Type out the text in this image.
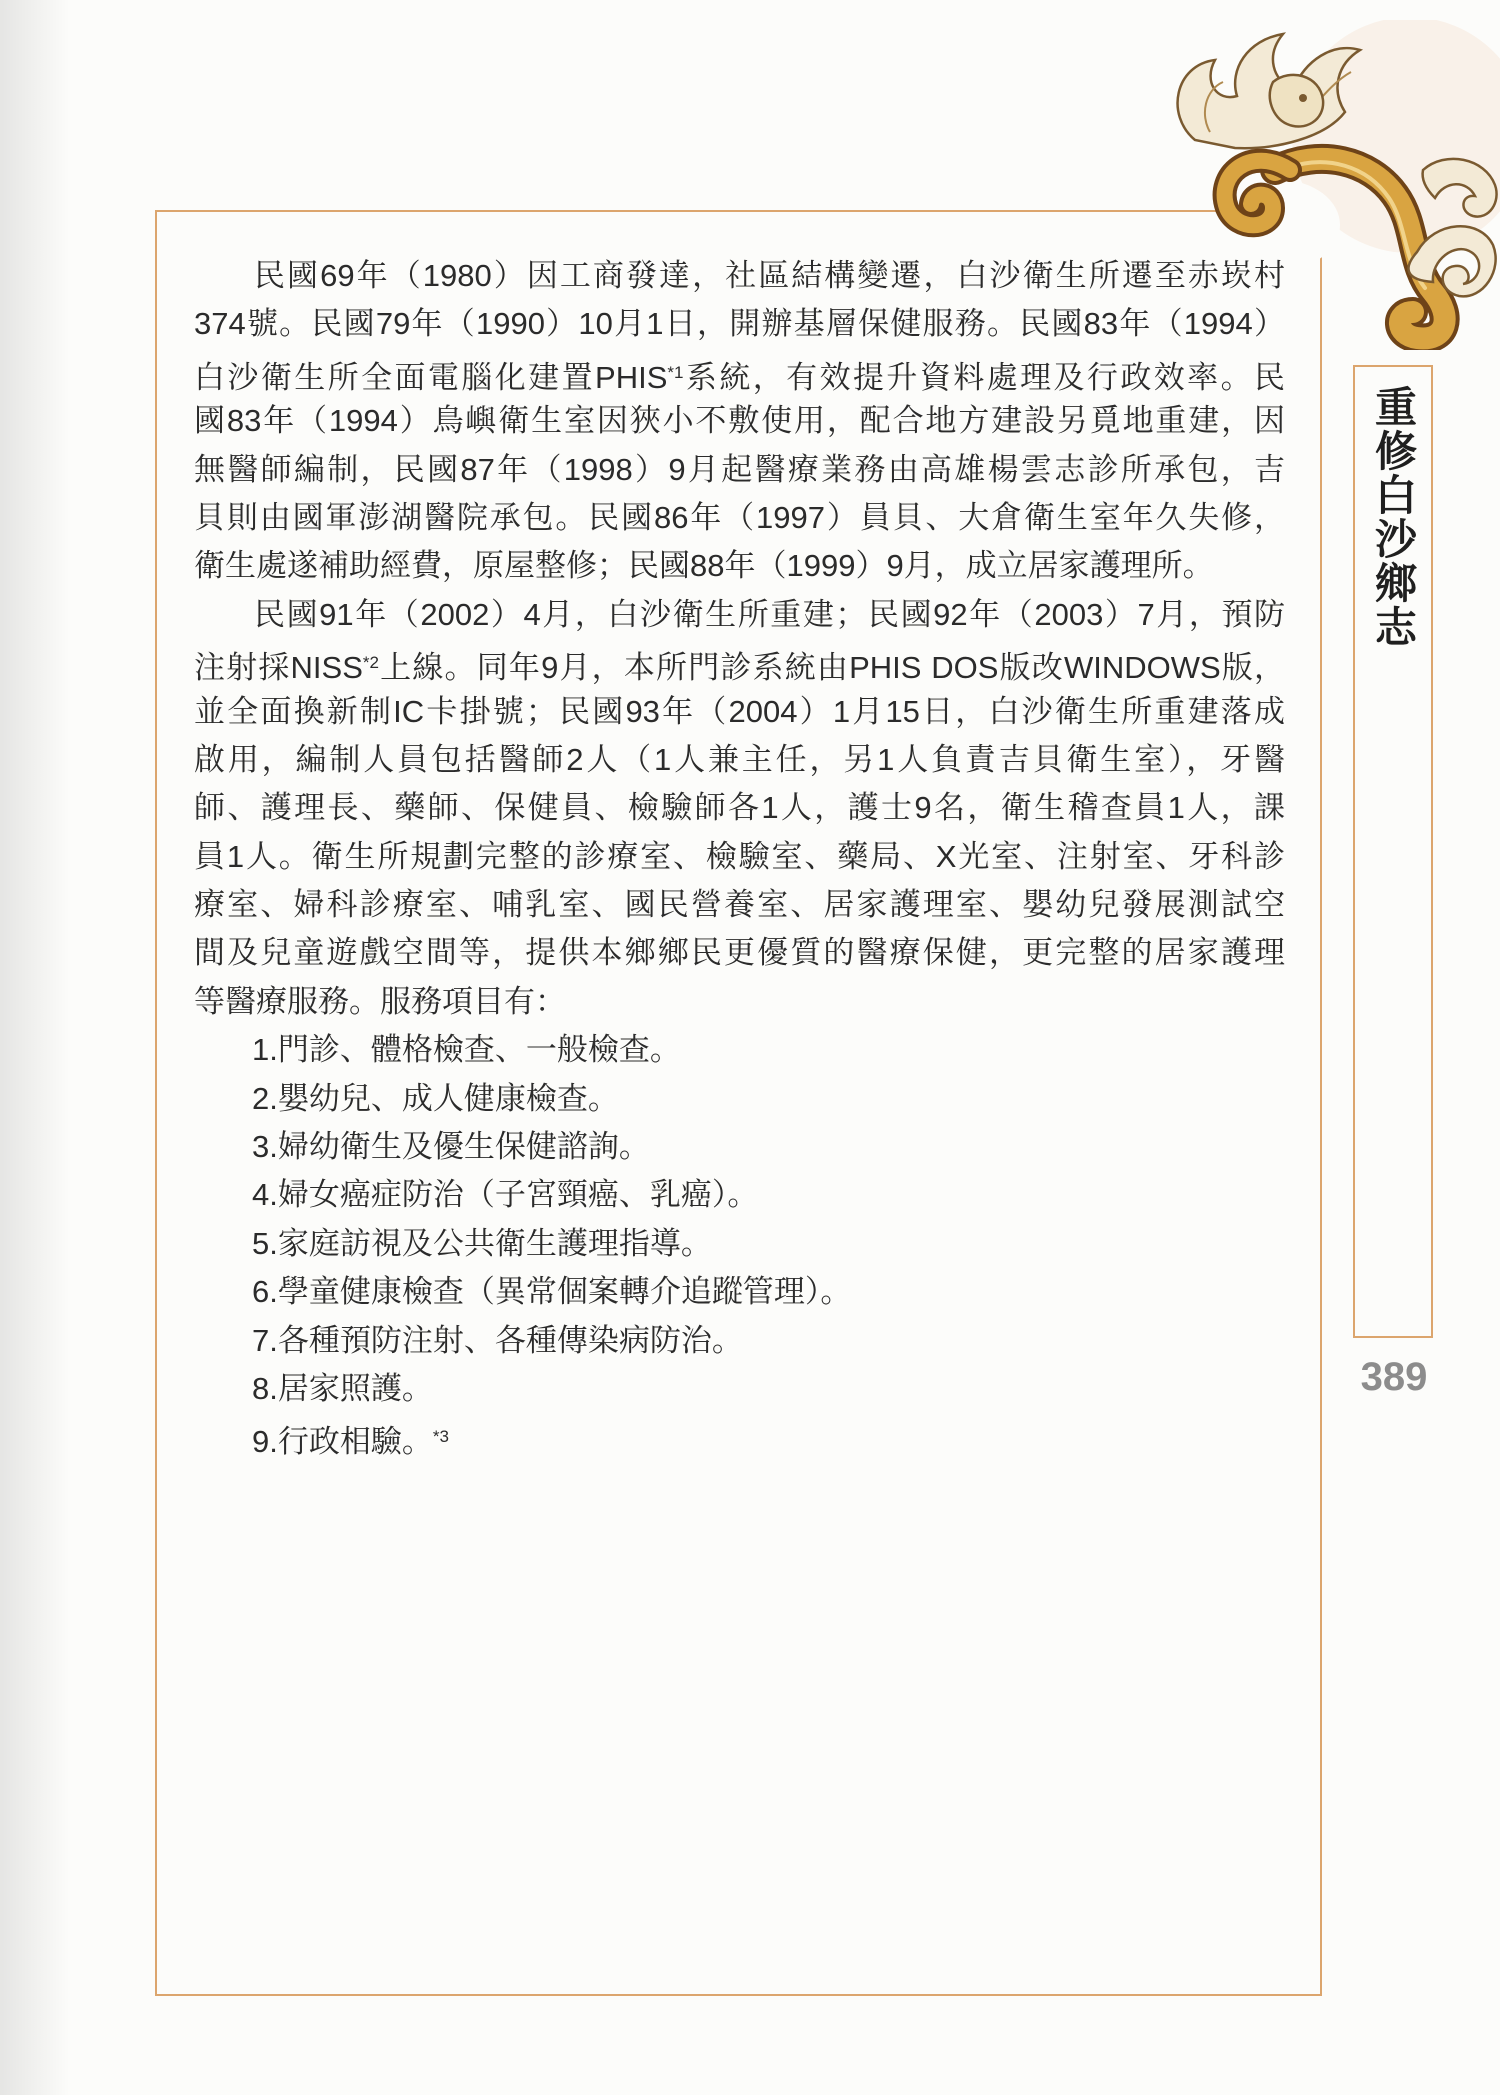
民國69年（1980）因工商發達，社區結構變遷，白沙衛生所遷至赤崁村
374號。民國79年（1990）10月1日，開辦基層保健服務。民國83年（1994）
白沙衛生所全面電腦化建置PHIS$^{*1}$系統，有效提升資料處理及行政效率。民
國83年（1994）鳥嶼衛生室因狹小不敷使用，配合地方建設另覓地重建，因
無醫師編制，民國87年（1998）9月起醫療業務由高雄楊雲志診所承包，吉
貝則由國軍澎湖醫院承包。民國86年（1997）員貝、大倉衛生室年久失修，
衛生處遂補助經費，原屋整修；民國88年（1999）9月，成立居家護理所。
民國91年（2002）4月，白沙衛生所重建；民國92年（2003）7月，預防
注射採NISS$^{*2}$上線。同年9月，本所門診系統由PHIS DOS版改WINDOWS版，
並全面換新制IC卡掛號；民國93年（2004）1月15日，白沙衛生所重建落成
啟用，編制人員包括醫師2人（1人兼主任，另1人負責吉貝衛生室），牙醫
師、護理長、藥師、保健員、檢驗師各1人，護士9名，衛生稽查員1人，課
員1人。衛生所規劃完整的診療室、檢驗室、藥局、X光室、注射室、牙科診
療室、婦科診療室、哺乳室、國民營養室、居家護理室、嬰幼兒發展測試空
間及兒童遊戲空間等，提供本鄉鄉民更優質的醫療保健，更完整的居家護理
等醫療服務。服務項目有：
1.門診、體格檢查、一般檢查。
2.嬰幼兒、成人健康檢查。
3.婦幼衛生及優生保健諮詢。
4.婦女癌症防治（子宮頸癌、乳癌）。
5.家庭訪視及公共衛生護理指導。
6.學童健康檢查（異常個案轉介追蹤管理）。
7.各種預防注射、各種傳染病防治。
8.居家照護。
9.行政相驗。$^{*3}$
重修白沙鄉志
389
